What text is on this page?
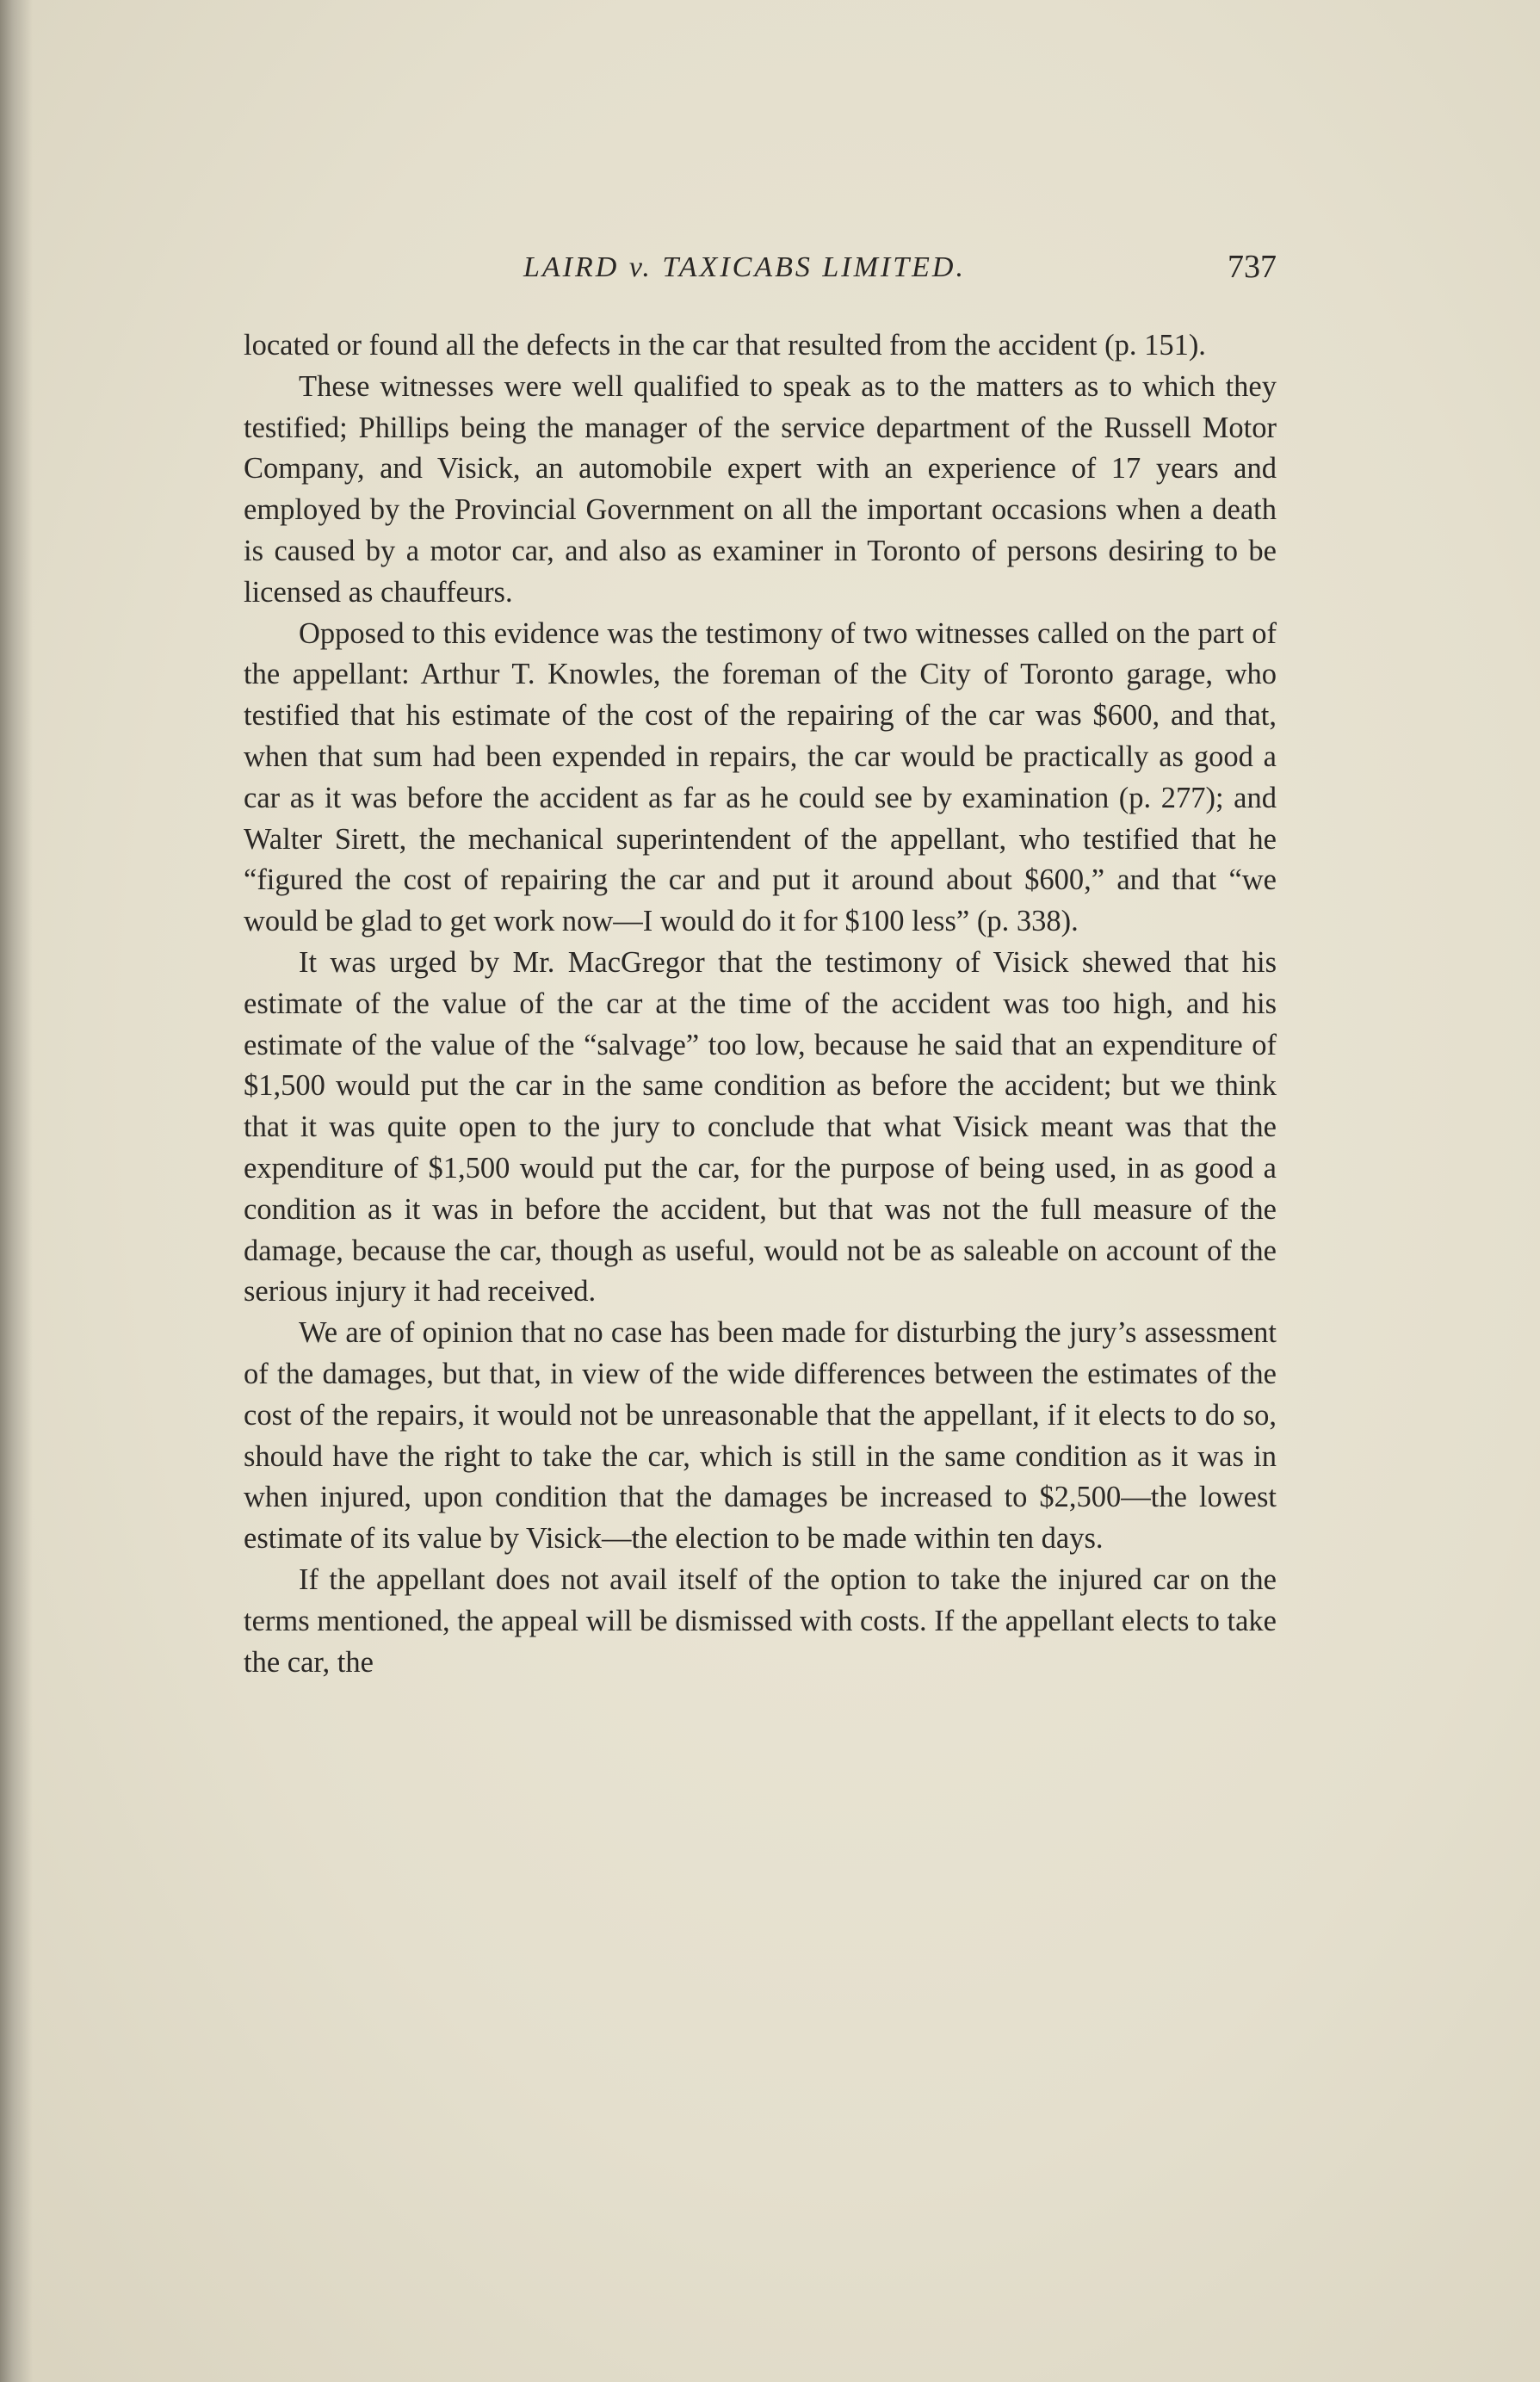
LAIRD v. TAXICABS LIMITED.	737

located or found all the defects in the car that resulted from the accident (p. 151).

These witnesses were well qualified to speak as to the matters as to which they testified; Phillips being the manager of the service department of the Russell Motor Company, and Visick, an automobile expert with an experience of 17 years and employed by the Provincial Government on all the important occasions when a death is caused by a motor car, and also as examiner in Toronto of persons desiring to be licensed as chauffeurs.

Opposed to this evidence was the testimony of two witnesses called on the part of the appellant: Arthur T. Knowles, the foreman of the City of Toronto garage, who testified that his estimate of the cost of the repairing of the car was $600, and that, when that sum had been expended in repairs, the car would be practically as good a car as it was before the accident as far as he could see by examination (p. 277); and Walter Sirett, the mechanical superintendent of the appellant, who testified that he “figured the cost of repairing the car and put it around about $600,” and that “we would be glad to get work now—I would do it for $100 less” (p. 338).

It was urged by Mr. MacGregor that the testimony of Visick shewed that his estimate of the value of the car at the time of the accident was too high, and his estimate of the value of the “salvage” too low, because he said that an expenditure of $1,500 would put the car in the same condition as before the accident; but we think that it was quite open to the jury to conclude that what Visick meant was that the expenditure of $1,500 would put the car, for the purpose of being used, in as good a condition as it was in before the accident, but that was not the full measure of the damage, because the car, though as useful, would not be as saleable on account of the serious injury it had received.

We are of opinion that no case has been made for disturbing the jury’s assessment of the damages, but that, in view of the wide differences between the estimates of the cost of the repairs, it would not be unreasonable that the appellant, if it elects to do so, should have the right to take the car, which is still in the same condition as it was in when injured, upon condition that the damages be increased to $2,500—the lowest estimate of its value by Visick—the election to be made within ten days.

If the appellant does not avail itself of the option to take the injured car on the terms mentioned, the appeal will be dismissed with costs. If the appellant elects to take the car, the
